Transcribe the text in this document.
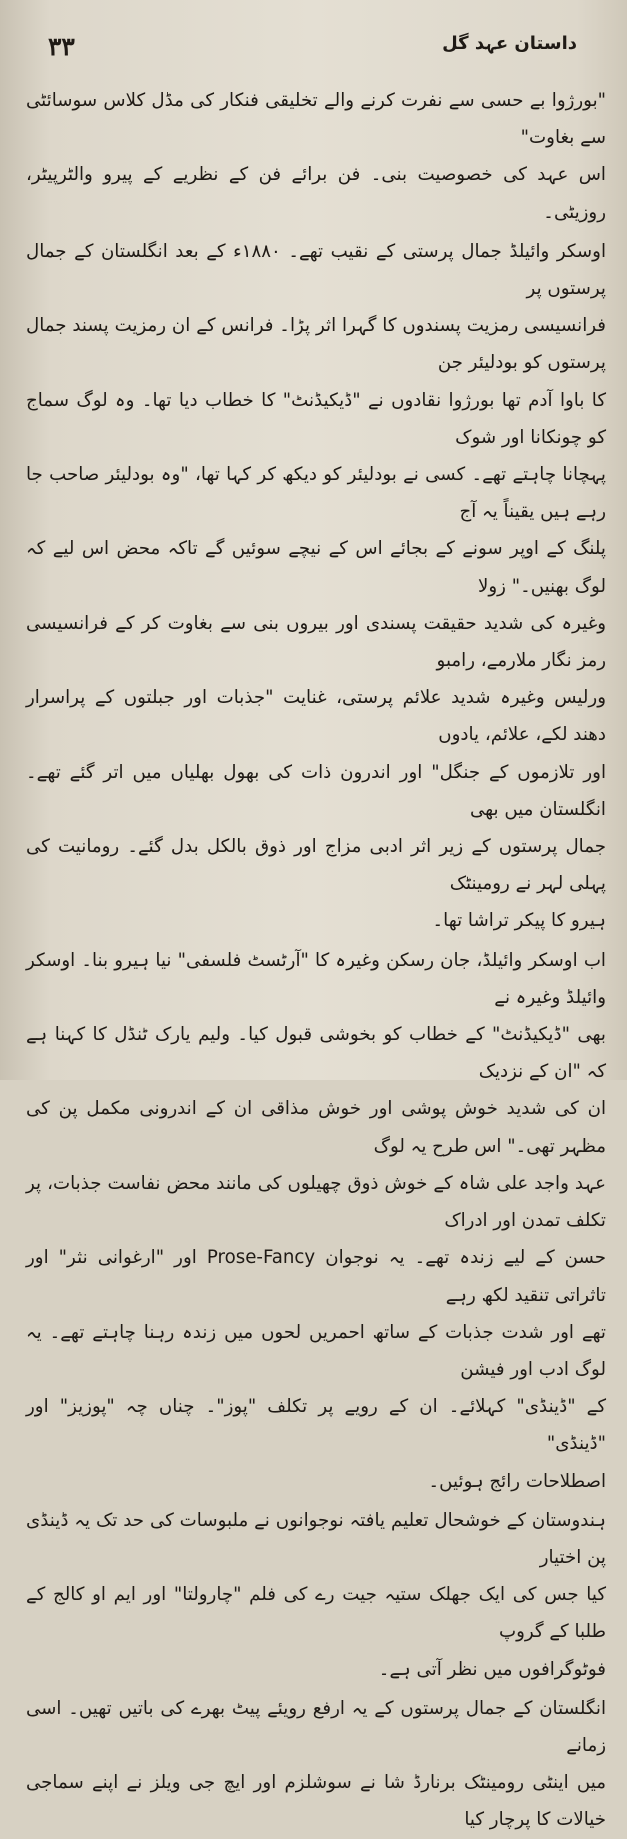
۳۳	داستان عہد گل

"بورژوا بے حسی سے نفرت کرنے والے تخلیقی فنکار کی مڈل کلاس سوسائٹی سے بغاوت"
اس عہد کی خصوصیت بنی۔ فن برائے فن کے نظریے کے پیرو والٹرپیٹر، روزیٹی۔

اوسکر وائیلڈ جمال پرستی کے نقیب تھے۔ ۱۸۸۰ء کے بعد انگلستان کے جمال پرستوں پر
فرانسیسی رمزیت پسندوں کا گہرا اثر پڑا۔ فرانس کے ان رمزیت پسند جمال پرستوں کو بودلیئر جن
کا باوا آدم تھا بورژوا نقادوں نے "ڈیکیڈنٹ" کا خطاب دیا تھا۔ وہ لوگ سماج کو چونکانا اور شوک
پہچانا چاہتے تھے۔ کسی نے بودلیئر کو دیکھ کر کہا تھا، "وہ بودلیئر صاحب جا رہے ہیں یقیناً یہ آج
پلنگ کے اوپر سونے کے بجائے اس کے نیچے سوئیں گے تاکہ محض اس لیے کہ لوگ بھنیں۔" زولا
وغیرہ کی شدید حقیقت پسندی اور بیروں بنی سے بغاوت کر کے فرانسیسی رمز نگار ملارمے، رامبو
ورلیس وغیرہ شدید علائم پرستی، غنایت "جذبات اور جبلتوں کے پراسرار دھند لکے، علائم، یادوں
اور تلازموں کے جنگل" اور اندرون ذات کی بھول بھلیاں میں اتر گئے تھے۔ انگلستان میں بھی
جمال پرستوں کے زیر اثر ادبی مزاج اور ذوق بالکل بدل گئے۔ رومانیت کی پہلی لہر نے رومینٹک
ہیرو کا پیکر تراشا تھا۔

اب اوسکر وائیلڈ، جان رسکن وغیرہ کا "آرٹسٹ فلسفی" نیا ہیرو بنا۔ اوسکر وائیلڈ وغیرہ نے
بھی "ڈیکیڈنٹ" کے خطاب کو بخوشی قبول کیا۔ ولیم یارک ٹنڈل کا کہنا ہے کہ "ان کے نزدیک
ان کی شدید خوش پوشی اور خوش مذاقی ان کے اندرونی مکمل پن کی مظہر تھی۔" اس طرح یہ لوگ
عہد واجد علی شاہ کے خوش ذوق چھیلوں کی مانند محض نفاست جذبات، پر تکلف تمدن اور ادراک
حسن کے لیے زندہ تھے۔ یہ نوجوان Prose-Fancy اور "ارغوانی نثر" اور تاثراتی تنقید لکھ رہے
تھے اور شدت جذبات کے ساتھ احمریں لحوں میں زندہ رہنا چاہتے تھے۔ یہ لوگ ادب اور فیشن
کے "ڈینڈی" کہلائے۔ ان کے رویے پر تکلف "پوز"۔ چناں چہ "پوزیز" اور "ڈینڈی"
اصطلاحات رائج ہوئیں۔

ہندوستان کے خوشحال تعلیم یافتہ نوجوانوں نے ملبوسات کی حد تک یہ ڈینڈی پن اختیار
کیا جس کی ایک جھلک ستیہ جیت رے کی فلم "چارولتا" اور ایم او کالج کے طلبا کے گروپ
فوٹوگرافوں میں نظر آتی ہے۔

انگلستان کے جمال پرستوں کے یہ ارفع رویئے پیٹ بھرے کی باتیں تھیں۔ اسی زمانے
میں اینٹی رومینٹک برنارڈ شا نے سوشلزم اور ایچ جی ویلز نے اپنے سماجی خیالات کا پرچار کیا
